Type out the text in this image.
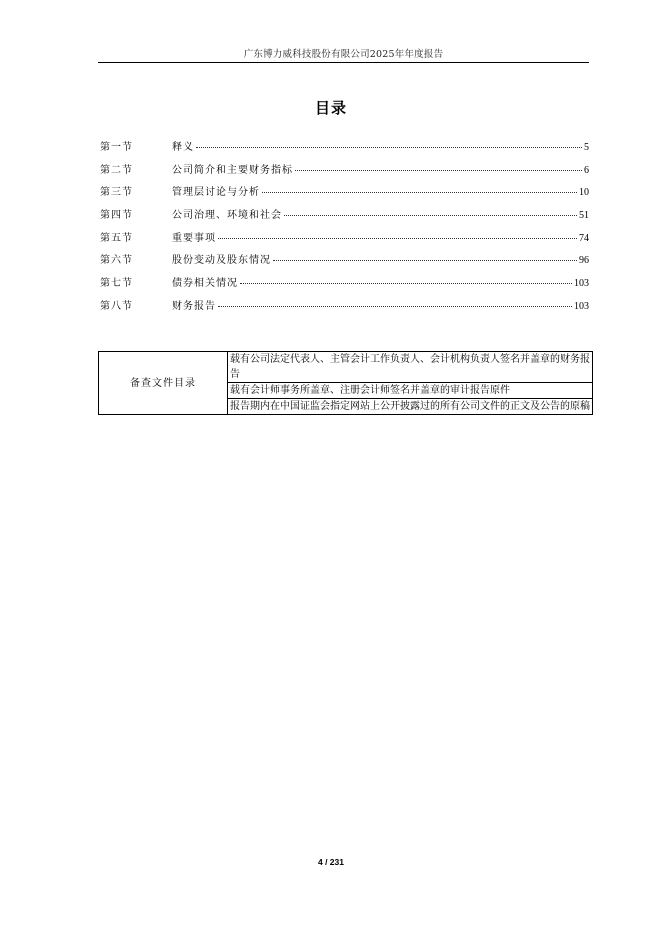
广东博力威科技股份有限公司2025年年度报告
目录
第一节	释义	5
第二节	公司简介和主要财务指标	6
第三节	管理层讨论与分析	10
第四节	公司治理、环境和社会	51
第五节	重要事项	74
第六节	股份变动及股东情况	96
第七节	债券相关情况	103
第八节	财务报告	103
备查文件目录	载有公司法定代表人、主管会计工作负责人、会计机构负责人签名并盖章的财务报告
载有会计师事务所盖章、注册会计师签名并盖章的审计报告原件
报告期内在中国证监会指定网站上公开披露过的所有公司文件的正文及公告的原稿
4 / 231
